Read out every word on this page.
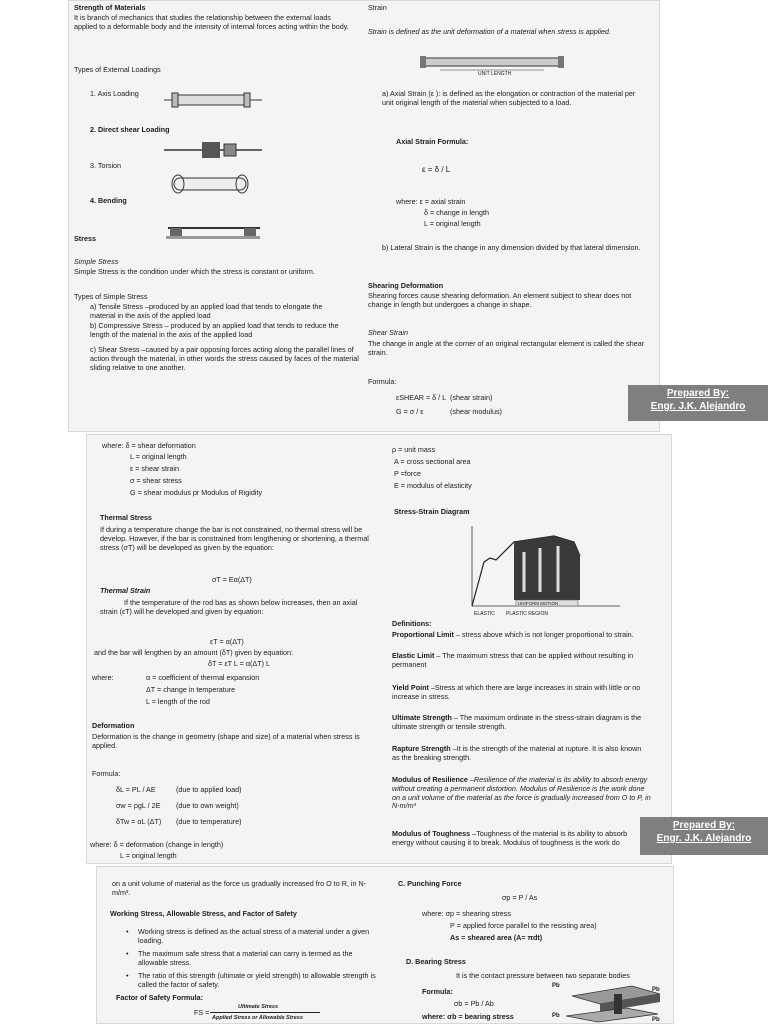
Strength of Materials
It is branch of mechanics that studies the relationship between the external loads applied to a deformable body and the intensity of internal forces acting within the body.
Types of External Loadings
1. Axis Loading
2. Direct shear Loading
3. Torsion
4. Bending
Stress
Simple Stress
Simple Stress is the condition under which the stress is constant or uniform.
Types of Simple Stress
a) Tensile Stress –produced by an applied load that tends to elongate the material in the axis of the applied load
b) Compressive Stress – produced by an applied load that tends to reduce the length of the material in the axis of the applied load
c) Shear Stress –caused by a pair opposing forces acting along the parallel lines of action through the material, in other words the stress caused by faces of the material sliding relative to one another.
Strain
Strain is defined as the unit deformation of a material when stress is applied.
UNIT LENGTH
a) Axial Strain (ε ): is defined as the elongation or contraction of the material per unit original length of the material when subjected to a load.
Axial Strain Formula:
ε = δ / L
where: ε = axial strain
δ = change in length
L = original length
b) Lateral Strain is the change in any dimension divided by that lateral dimension.
Shearing Deformation
Shearing forces cause shearing deformation. An element subject to shear does not change in length but undergoes a change in shape.
Shear Strain
The change in angle at the corner of an original rectangular element is called the shear strain.
Formula:
εSHEAR = δ / L
G = σ / ε
(shear strain)
(shear modulus)
Prepared By:
Engr. J.K. Alejandro
where: δ = shear deformation
L = original length
ε = shear strain
σ = shear stress
G = shear modulus pr Modulus of Rigidity
Thermal Stress
If during a temperature change the bar is not constrained, no thermal stress will be develop. However, if the bar is constrained from lengthening or shortening, a thermal stress (σT) will be developed as given by the equation:
σT = Eα(ΔT)
Thermal Strain
If the temperature of the rod bas as shown below increases, then an axial strain (εT) will he developed and given by equation:
εT = α(ΔT)
and the bar will lengthen by an amount (δT) given by equation:
δT = εT L = α(ΔT) L
where:	α = coefficient of thermal expansion
ΔT = change in temperature
L = length of the rod
Deformation
Deformation is the change in geometry (shape and size) of a material when stress is applied.
Formula:
δL = PL / AE
σw = ρgL / 2E
δTw = αL (ΔT)
(due to applied load)
(due to own weight)
(due to temperature)
where: δ = deformation (change in length)
L = original length
ρ = unit mass
A = cross sectional area
P =force
E = modulus of elasticity
Stress-Strain Diagram
ELASTIC PLASTIC REGION
UNIFORM MOTION
Definitions:
Proportional Limit – stress above which is not longer proportional to strain.
Elastic Limit – The maximum stress that can be applied without resulting in permanent
Yield Point –Stress at which there are large increases in strain with little or no increase in stress.
Ultimate Strength – The maximum ordinate in the stress-strain diagram is the ultimate strength or tensile strength.
Rapture Strength –It is the strength of the material at rupture. It is also known as the breaking strength.
Modulus of Resilience –Resilience of the material is its ability to absorb energy without creating a permanent distortion. Modulus of Resilience is the work done on a unit volume of the material as the force is gradually increased from O to P, in N-m/m³
Modulus of Toughness –Toughness of the material is its ability to absorb energy without causing it to break. Modulus of toughness is the work do
Prepared By:
Engr. J.K. Alejandro
on a unit volume of material as the force us gradually increased fro O to R, in N-m/m³.
Working Stress, Allowable Stress, and Factor of Safety
• Working stress is defined as the actual stress of a material under a given loading.
• The maximum safe stress that a material can carry is termed as the allowable stress.
• The ratio of this strength (ultimate or yield strength) to allowable strength is called the factor of safety.
Factor of Safety Formula:
FS =
Ultimate Stress
Applied Stress or Allowable Stress
C. Punching Force
σp = P / As
where: σp = shearing stress
P = applied force parallel to the resisting area)
As = sheared area (A= πdt)
D. Bearing Stress
It is the contact pressure between two separate bodies
Formula:
σb = Pb / Ab
where: σb = bearing stress
Pb
Pb
Pb
Pb
